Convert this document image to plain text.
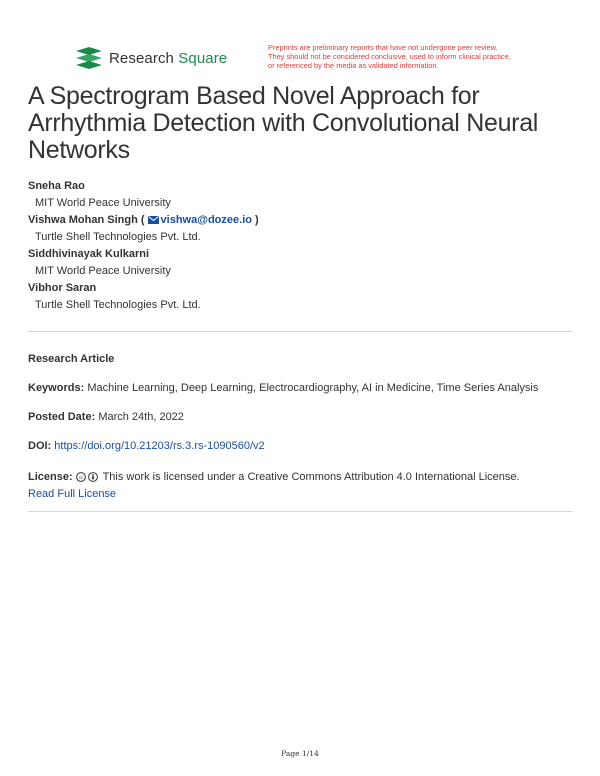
Research Square
Preprints are preliminary reports that have not undergone peer review.
They should not be considered conclusive, used to inform clinical practice,
or referenced by the media as validated information.
A Spectrogram Based Novel Approach for Arrhythmia Detection with Convolutional Neural Networks
Sneha Rao
MIT World Peace University
Vishwa Mohan Singh ( vishwa@dozee.io )
Turtle Shell Technologies Pvt. Ltd.
Siddhivinayak Kulkarni
MIT World Peace University
Vibhor Saran
Turtle Shell Technologies Pvt. Ltd.
Research Article
Keywords: Machine Learning, Deep Learning, Electrocardiography, AI in Medicine, Time Series Analysis
Posted Date: March 24th, 2022
DOI: https://doi.org/10.21203/rs.3.rs-1090560/v2
License: cc This work is licensed under a Creative Commons Attribution 4.0 International License.
Read Full License
Page 1/14
